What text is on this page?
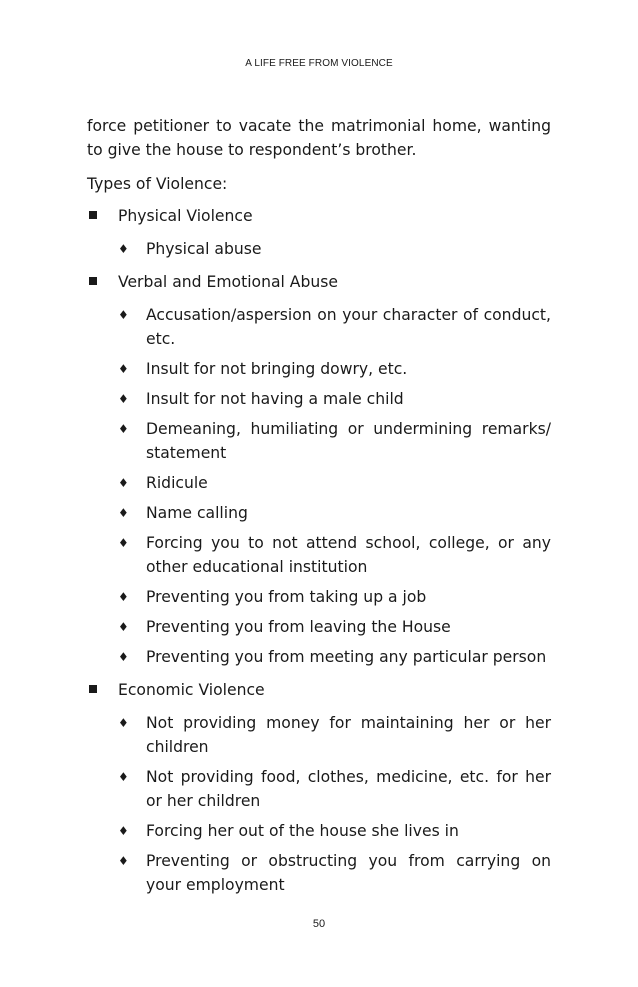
A LIFE FREE FROM VIOLENCE

force petitioner to vacate the matrimonial home, wanting to give the house to respondent’s brother.

Types of Violence:

Physical Violence
♦ Physical abuse
Verbal and Emotional Abuse
♦ Accusation/aspersion on your character of conduct, etc.
♦ Insult for not bringing dowry, etc.
♦ Insult for not having a male child
♦ Demeaning, humiliating or undermining remarks/ statement
♦ Ridicule
♦ Name calling
♦ Forcing you to not attend school, college, or any other educational institution
♦ Preventing you from taking up a job
♦ Preventing you from leaving the House
♦ Preventing you from meeting any particular person
Economic Violence
♦ Not providing money for maintaining her or her children
♦ Not providing food, clothes, medicine, etc. for her or her children
♦ Forcing her out of the house she lives in
♦ Preventing or obstructing you from carrying on your employment
50
